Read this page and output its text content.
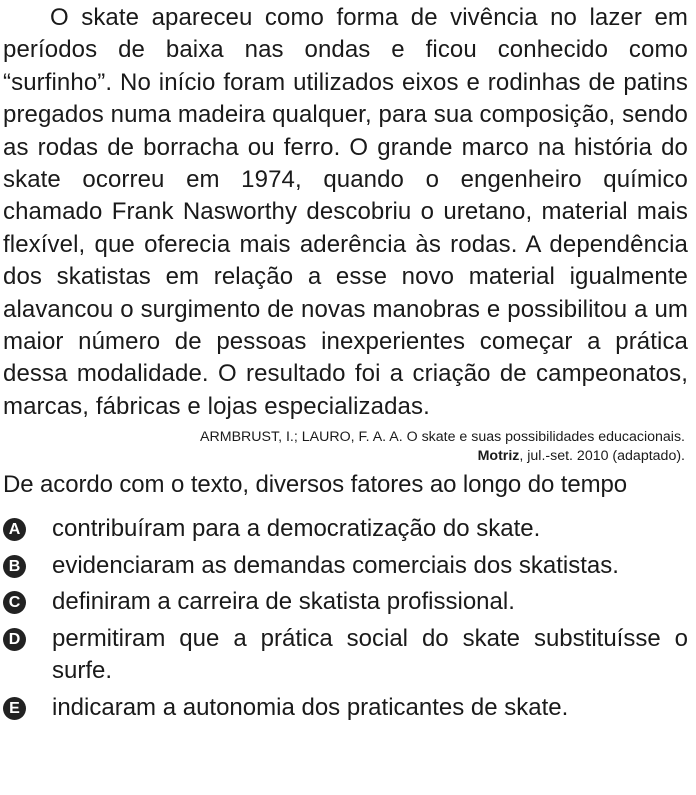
O skate apareceu como forma de vivência no lazer em períodos de baixa nas ondas e ficou conhecido como “surfinho”. No início foram utilizados eixos e rodinhas de patins pregados numa madeira qualquer, para sua composição, sendo as rodas de borracha ou ferro. O grande marco na história do skate ocorreu em 1974, quando o engenheiro químico chamado Frank Nasworthy descobriu o uretano, material mais flexível, que oferecia mais aderência às rodas. A dependência dos skatistas em relação a esse novo material igualmente alavancou o surgimento de novas manobras e possibilitou a um maior número de pessoas inexperientes começar a prática dessa modalidade. O resultado foi a criação de campeonatos, marcas, fábricas e lojas especializadas.

ARMBRUST, I.; LAURO, F. A. A. O skate e suas possibilidades educacionais.
Motriz, jul.-set. 2010 (adaptado).
De acordo com o texto, diversos fatores ao longo do tempo
A contribuíram para a democratização do skate.
B evidenciaram as demandas comerciais dos skatistas.
C definiram a carreira de skatista profissional.
D permitiram que a prática social do skate substituísse o surfe.
E indicaram a autonomia dos praticantes de skate.
